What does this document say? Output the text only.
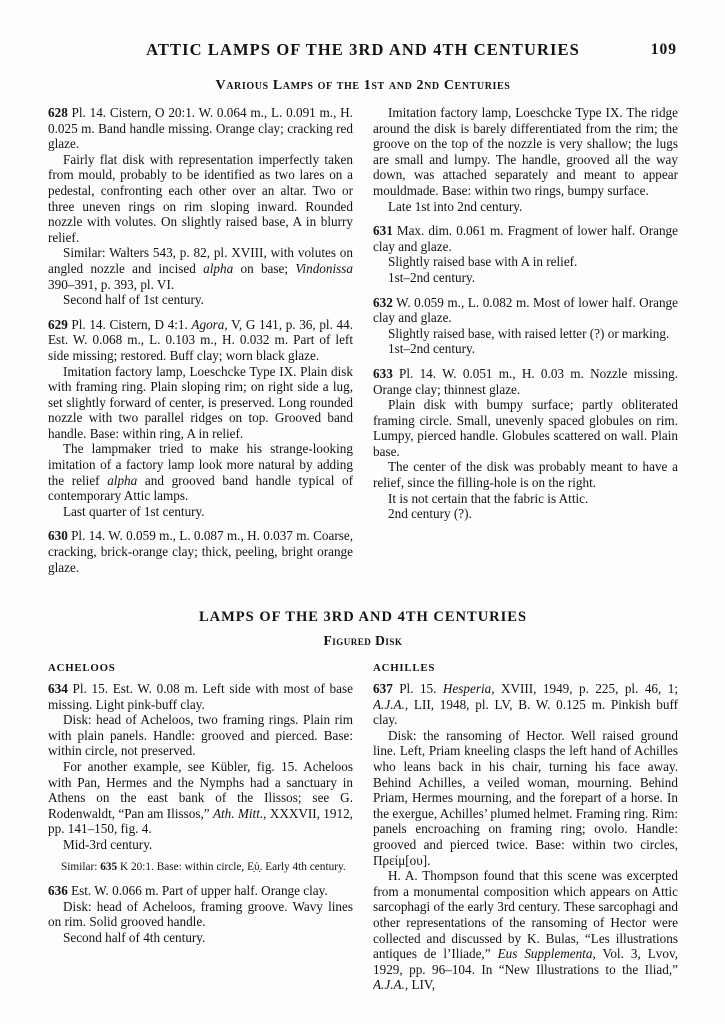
ATTIC LAMPS OF THE 3RD AND 4TH CENTURIES	109
Various Lamps of the 1st and 2nd Centuries

628 Pl. 14. Cistern, O 20:1. W. 0.064 m., L. 0.091 m., H. 0.025 m. Band handle missing. Orange clay; cracking red glaze.

Fairly flat disk with representation imperfectly taken from mould, probably to be identified as two lares on a pedestal, confronting each other over an altar. Two or three uneven rings on rim sloping inward. Rounded nozzle with volutes. On slightly raised base, A in blurry relief.

Similar: Walters 543, p. 82, pl. XVIII, with volutes on angled nozzle and incised alpha on base; Vindonissa 390–391, p. 393, pl. VI.

Second half of 1st century.

629 Pl. 14. Cistern, D 4:1. Agora, V, G 141, p. 36, pl. 44. Est. W. 0.068 m., L. 0.103 m., H. 0.032 m. Part of left side missing; restored. Buff clay; worn black glaze.

Imitation factory lamp, Loeschcke Type IX. Plain disk with framing ring. Plain sloping rim; on right side a lug, set slightly forward of center, is preserved. Long rounded nozzle with two parallel ridges on top. Grooved band handle. Base: within ring, A in relief.

The lampmaker tried to make his strange-looking imitation of a factory lamp look more natural by adding the relief alpha and grooved band handle typical of contemporary Attic lamps.

Last quarter of 1st century.

630 Pl. 14. W. 0.059 m., L. 0.087 m., H. 0.037 m. Coarse, cracking, brick-orange clay; thick, peeling, bright orange glaze.

Imitation factory lamp, Loeschcke Type IX. The ridge around the disk is barely differentiated from the rim; the groove on the top of the nozzle is very shallow; the lugs are small and lumpy. The handle, grooved all the way down, was attached separately and meant to appear mouldmade. Base: within two rings, bumpy surface.

Late 1st into 2nd century.

631 Max. dim. 0.061 m. Fragment of lower half. Orange clay and glaze.

Slightly raised base with A in relief.

1st–2nd century.

632 W. 0.059 m., L. 0.082 m. Most of lower half. Orange clay and glaze.

Slightly raised base, with raised letter (?) or marking.

1st–2nd century.

633 Pl. 14. W. 0.051 m., H. 0.03 m. Nozzle missing. Orange clay; thinnest glaze.

Plain disk with bumpy surface; partly obliterated framing circle. Small, unevenly spaced globules on rim. Lumpy, pierced handle. Globules scattered on wall. Plain base.

The center of the disk was probably meant to have a relief, since the filling-hole is on the right.

It is not certain that the fabric is Attic.

2nd century (?).

LAMPS OF THE 3RD AND 4TH CENTURIES
Figured Disk
ACHELOOS

634 Pl. 15. Est. W. 0.08 m. Left side with most of base missing. Light pink-buff clay.

Disk: head of Acheloos, two framing rings. Plain rim with plain panels. Handle: grooved and pierced. Base: within circle, not preserved.

For another example, see Kübler, fig. 15. Acheloos with Pan, Hermes and the Nymphs had a sanctuary in Athens on the east bank of the Ilissos; see G. Rodenwaldt, “Pan am Ilissos,” Ath. Mitt., XXXVII, 1912, pp. 141–150, fig. 4.

Mid-3rd century.

Similar: 635 K 20:1. Base: within circle, Ε̣ὐ̣. Early 4th century.

636 Est. W. 0.066 m. Part of upper half. Orange clay.

Disk: head of Acheloos, framing groove. Wavy lines on rim. Solid grooved handle.

Second half of 4th century.

ACHILLES

637 Pl. 15. Hesperia, XVIII, 1949, p. 225, pl. 46, 1; A.J.A., LII, 1948, pl. LV, B. W. 0.125 m. Pinkish buff clay.

Disk: the ransoming of Hector. Well raised ground line. Left, Priam kneeling clasps the left hand of Achilles who leans back in his chair, turning his face away. Behind Achilles, a veiled woman, mourning. Behind Priam, Hermes mourning, and the forepart of a horse. In the exergue, Achilles’ plumed helmet. Framing ring. Rim: panels encroaching on framing ring; ovolo. Handle: grooved and pierced twice. Base: within two circles, Πρείμ[ου].

H. A. Thompson found that this scene was excerpted from a monumental composition which appears on Attic sarcophagi of the early 3rd century. These sarcophagi and other representations of the ransoming of Hector were collected and discussed by K. Bulas, “Les illustrations antiques de l’Iliade,” Eus Supplementa, Vol. 3, Lvov, 1929, pp. 96–104. In “New Illustrations to the Iliad,” A.J.A., LIV,
